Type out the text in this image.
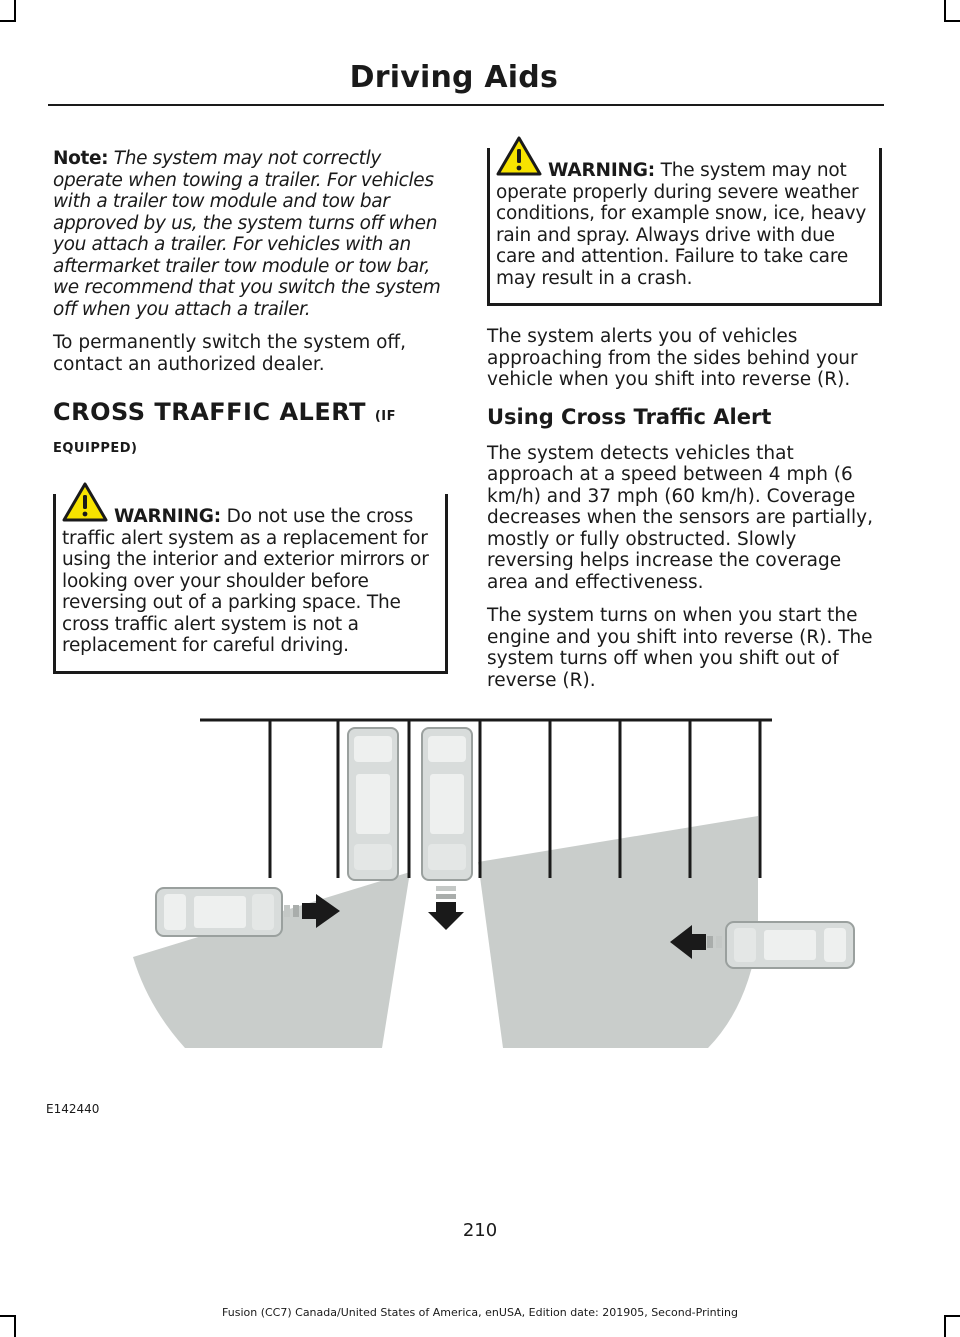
Driving Aids

Note: The system may not correctly operate when towing a trailer. For vehicles with a trailer tow module and tow bar approved by us, the system turns off when you attach a trailer. For vehicles with an aftermarket trailer tow module or tow bar, we recommend that you switch the system off when you attach a trailer.

To permanently switch the system off, contact an authorized dealer.

CROSS TRAFFIC ALERT (IF
EQUIPPED)
WARNING: Do not use the cross traffic alert system as a replacement for using the interior and exterior mirrors or looking over your shoulder before reversing out of a parking space. The cross traffic alert system is not a replacement for careful driving.
WARNING: The system may not operate properly during severe weather conditions, for example snow, ice, heavy rain and spray. Always drive with due care and attention. Failure to take care may result in a crash.

The system alerts you of vehicles approaching from the sides behind your vehicle when you shift into reverse (R).

Using Cross Traffic Alert

The system detects vehicles that approach at a speed between 4 mph (6 km/h) and 37 mph (60 km/h). Coverage decreases when the sensors are partially, mostly or fully obstructed. Slowly reversing helps increase the coverage area and effectiveness.

The system turns on when you start the engine and you shift into reverse (R). The system turns off when you shift out of reverse (R).

E142440

210

Fusion (CC7) Canada/United States of America, enUSA, Edition date: 201905, Second-Printing
